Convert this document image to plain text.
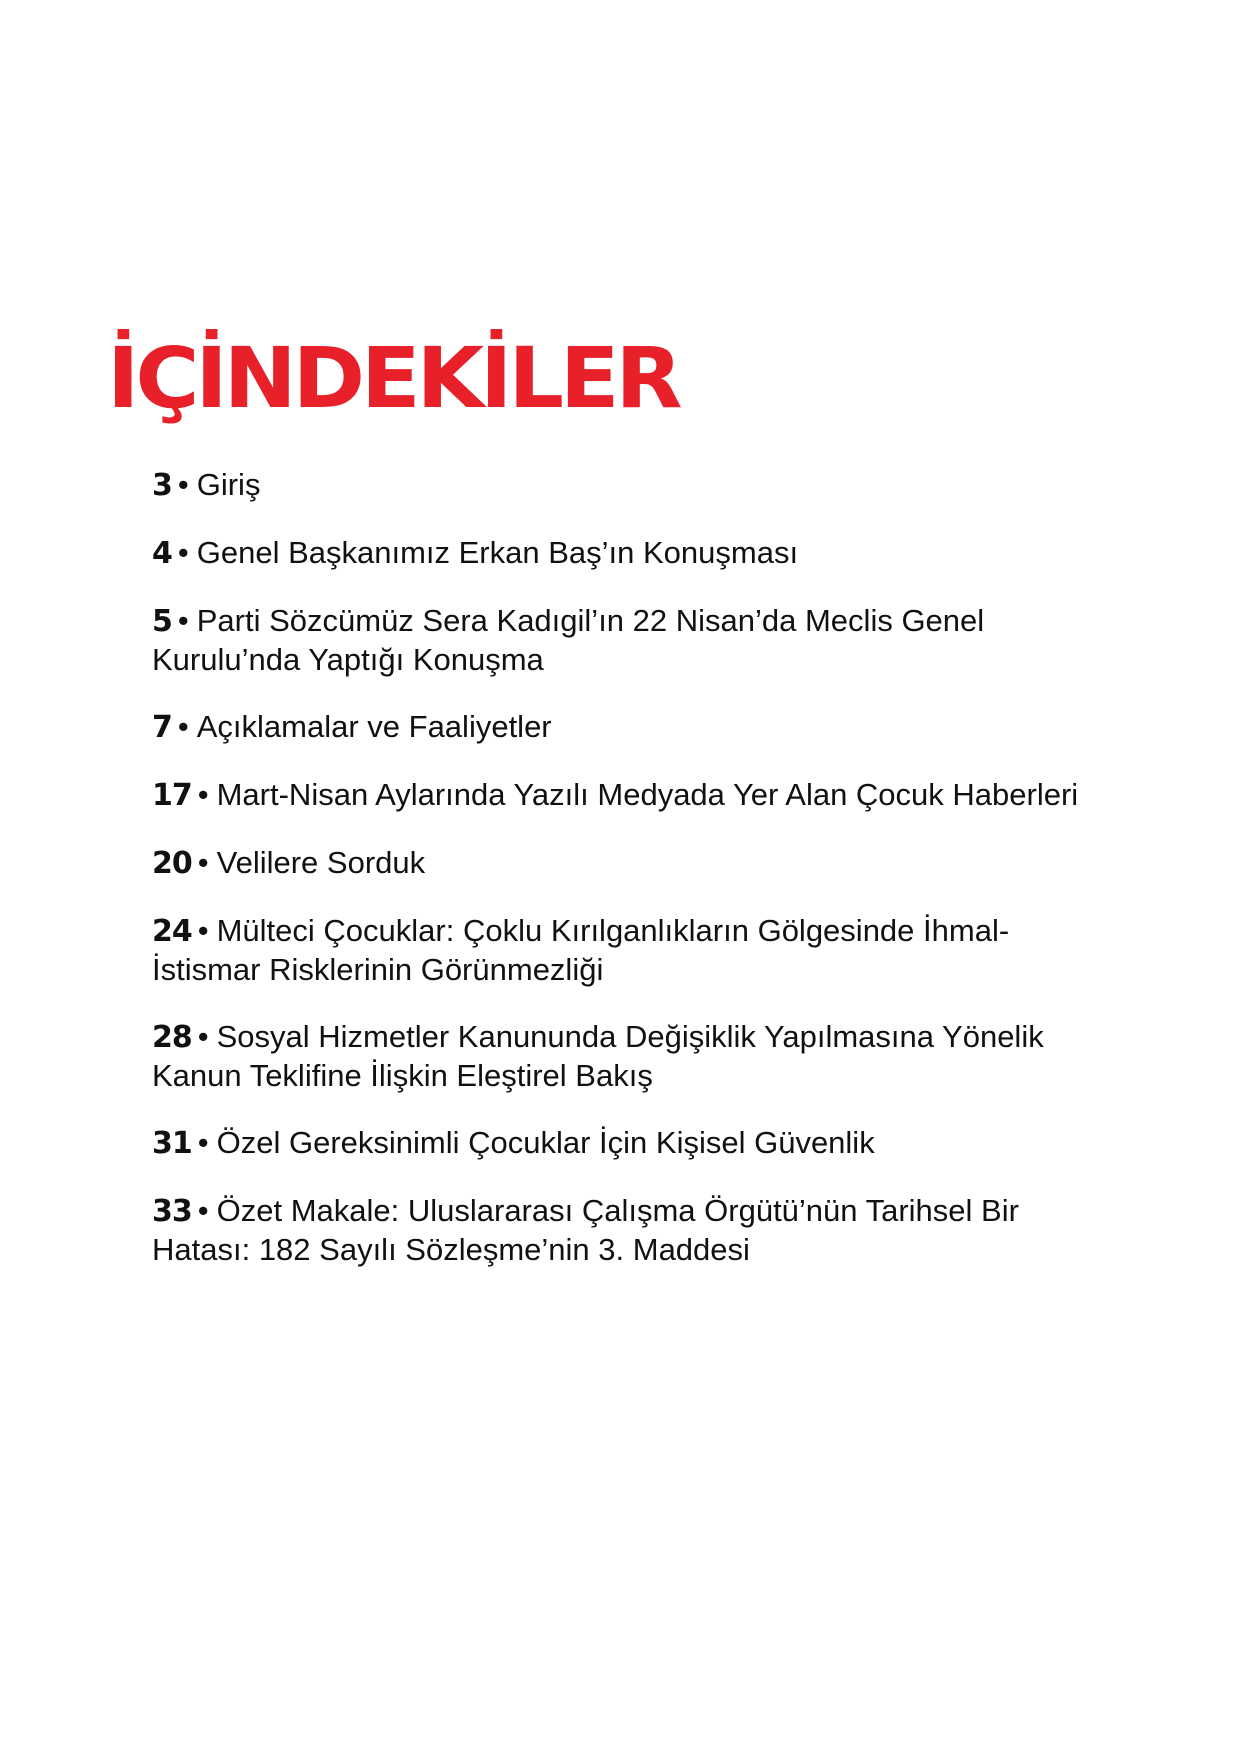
İÇİNDEKİLER
3 • Giriş
4 • Genel Başkanımız Erkan Baş’ın Konuşması
5 • Parti Sözcümüz Sera Kadıgil’ın 22 Nisan’da Meclis Genel Kurulu’nda Yaptığı Konuşma
7 • Açıklamalar ve Faaliyetler
17 • Mart-Nisan Aylarında Yazılı Medyada Yer Alan Çocuk Haberleri
20 • Velilere Sorduk
24 • Mülteci Çocuklar: Çoklu Kırılganlıkların Gölgesinde İhmal-İstismar Risklerinin Görünmezliği
28 • Sosyal Hizmetler Kanununda Değişiklik Yapılmasına Yönelik Kanun Teklifine İlişkin Eleştirel Bakış
31 • Özel Gereksinimli Çocuklar İçin Kişisel Güvenlik
33 • Özet Makale: Uluslararası Çalışma Örgütü’nün Tarihsel Bir Hatası: 182 Sayılı Sözleşme’nin 3. Maddesi
